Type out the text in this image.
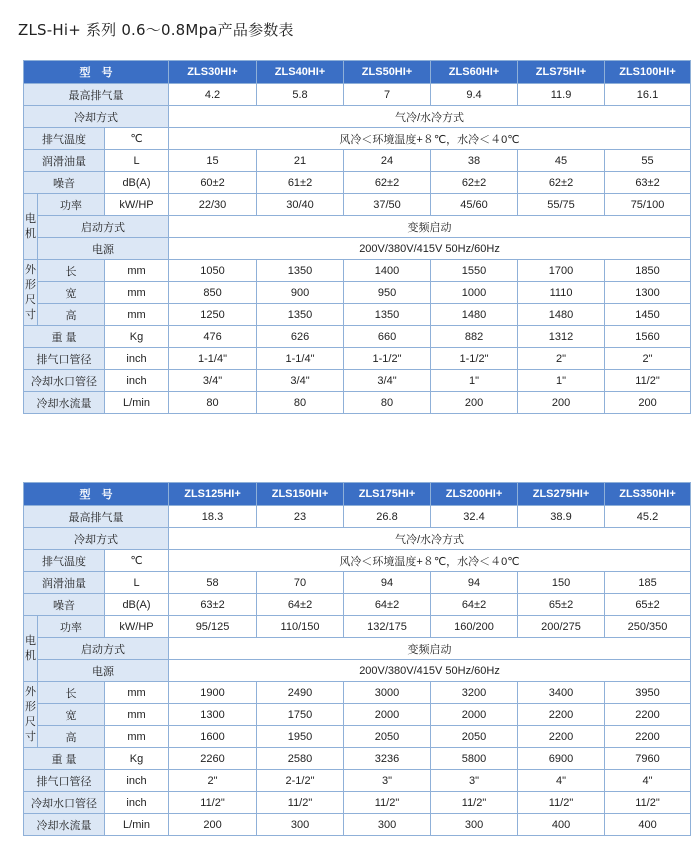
ZLS-Hi+ 系列 0.6～0.8Mpa产品参数表
型　号	ZLS30HI+	ZLS40HI+	ZLS50HI+	ZLS60HI+	ZLS75HI+	ZLS100HI+
最高排气量	4.2	5.8	7	9.4	11.9	16.1
冷却方式	气冷/水冷方式
排气温度	℃	风冷＜环境温度+８℃，水冷＜４0℃
润滑油量	L	15	21	24	38	45	55
噪音	dB(A)	60±2	61±2	62±2	62±2	62±2	63±2

电
机
	功率	kW/HP	22/30	30/40	37/50	45/60	55/75	75/100
启动方式	变频启动
电源	200V/380V/415V 50Hz/60Hz

外
形
尺
寸
	长	mm	1050	1350	1400	1550	1700	1850
宽	mm	850	900	950	1000	1110	1300
高	mm	1250	1350	1350	1480	1480	1450
重 量	Kg	476	626	660	882	1312	1560
排气口管径	inch	1-1/4"	1-1/4"	1-1/2"	1-1/2"	2"	2"
冷却水口管径	inch	3/4"	3/4"	3/4"	1"	1"	11/2"
冷却水流量	L/min	80	80	80	200	200	200
型　号	ZLS125HI+	ZLS150HI+	ZLS175HI+	ZLS200HI+	ZLS275HI+	ZLS350HI+
最高排气量	18.3	23	26.8	32.4	38.9	45.2
冷却方式	气冷/水冷方式
排气温度	℃	风冷＜环境温度+８℃，水冷＜４0℃
润滑油量	L	58	70	94	94	150	185
噪音	dB(A)	63±2	64±2	64±2	64±2	65±2	65±2

电
机
	功率	kW/HP	95/125	110/150	132/175	160/200	200/275	250/350
启动方式	变频启动
电源	200V/380V/415V 50Hz/60Hz

外
形
尺
寸
	长	mm	1900	2490	3000	3200	3400	3950
宽	mm	1300	1750	2000	2000	2200	2200
高	mm	1600	1950	2050	2050	2200	2200
重 量	Kg	2260	2580	3236	5800	6900	7960
排气口管径	inch	2"	2-1/2"	3"	3"	4"	4"
冷却水口管径	inch	11/2"	11/2"	11/2"	11/2"	11/2"	11/2"
冷却水流量	L/min	200	300	300	300	400	400
